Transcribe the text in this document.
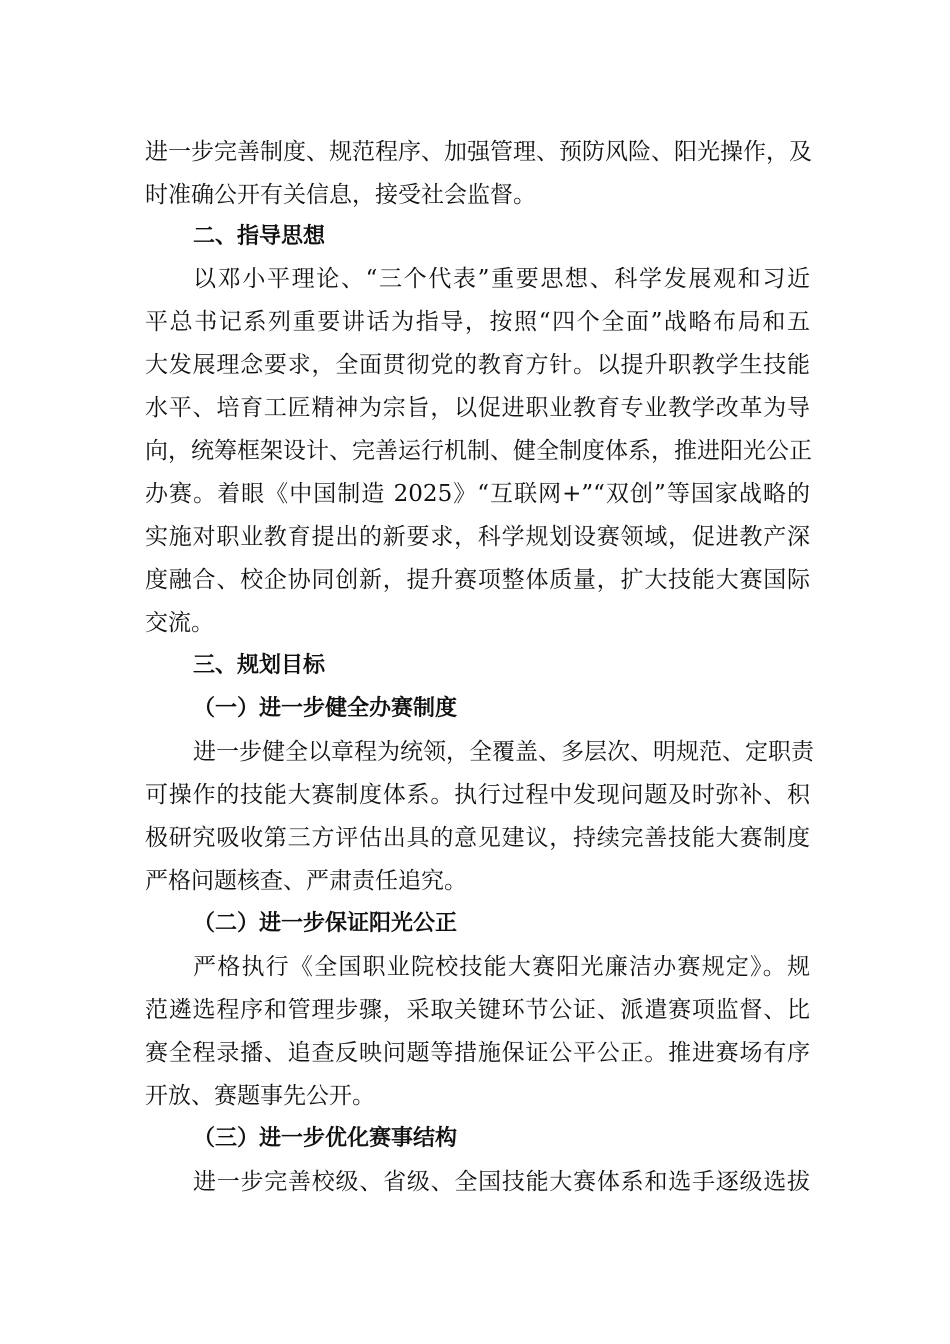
进一步完善制度、规范程序、加强管理、预防风险、阳光操作，及
时准确公开有关信息，接受社会监督。
二、指导思想
以邓小平理论、“三个代表”重要思想、科学发展观和习近
平总书记系列重要讲话为指导，按照“四个全面”战略布局和五
大发展理念要求，全面贯彻党的教育方针。以提升职教学生技能
水平、培育工匠精神为宗旨，以促进职业教育专业教学改革为导
向，统筹框架设计、完善运行机制、健全制度体系，推进阳光公正
办赛。着眼《中国制造 2025》“互联网+”“双创”等国家战略的
实施对职业教育提出的新要求，科学规划设赛领域，促进教产深
度融合、校企协同创新，提升赛项整体质量，扩大技能大赛国际
交流。
三、规划目标
（一）进一步健全办赛制度
进一步健全以章程为统领，全覆盖、多层次、明规范、定职责
可操作的技能大赛制度体系。执行过程中发现问题及时弥补、积
极研究吸收第三方评估出具的意见建议，持续完善技能大赛制度
严格问题核查、严肃责任追究。
（二）进一步保证阳光公正
严格执行《全国职业院校技能大赛阳光廉洁办赛规定》。规
范遴选程序和管理步骤，采取关键环节公证、派遣赛项监督、比
赛全程录播、追查反映问题等措施保证公平公正。推进赛场有序
开放、赛题事先公开。
（三）进一步优化赛事结构
进一步完善校级、省级、全国技能大赛体系和选手逐级选拔
